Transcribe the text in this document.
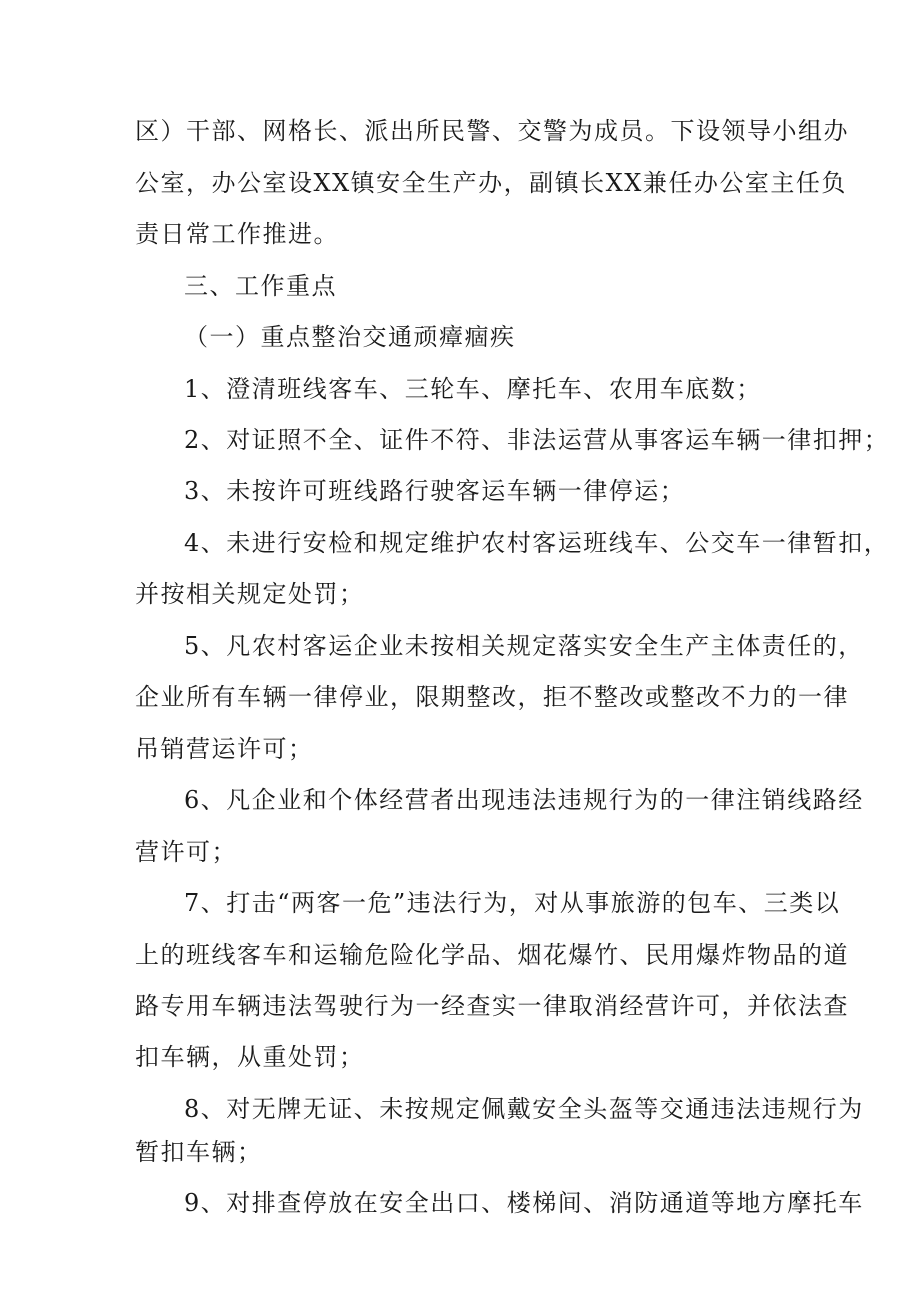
区）干部、网格长、派出所民警、交警为成员。下设领导小组办
公室，办公室设XX镇安全生产办，副镇长XX兼任办公室主任负
责日常工作推进。
三、工作重点
（一）重点整治交通顽瘴痼疾
1、澄清班线客车、三轮车、摩托车、农用车底数；
2、对证照不全、证件不符、非法运营从事客运车辆一律扣押；
3、未按许可班线路行驶客运车辆一律停运；
4、未进行安检和规定维护农村客运班线车、公交车一律暂扣，
并按相关规定处罚；
5、凡农村客运企业未按相关规定落实安全生产主体责任的，
企业所有车辆一律停业，限期整改，拒不整改或整改不力的一律
吊销营运许可；
6、凡企业和个体经营者出现违法违规行为的一律注销线路经
营许可；
7、打击“两客一危”违法行为，对从事旅游的包车、三类以
上的班线客车和运输危险化学品、烟花爆竹、民用爆炸物品的道
路专用车辆违法驾驶行为一经查实一律取消经营许可，并依法查
扣车辆，从重处罚；
8、对无牌无证、未按规定佩戴安全头盔等交通违法违规行为
暂扣车辆；
9、对排查停放在安全出口、楼梯间、消防通道等地方摩托车
